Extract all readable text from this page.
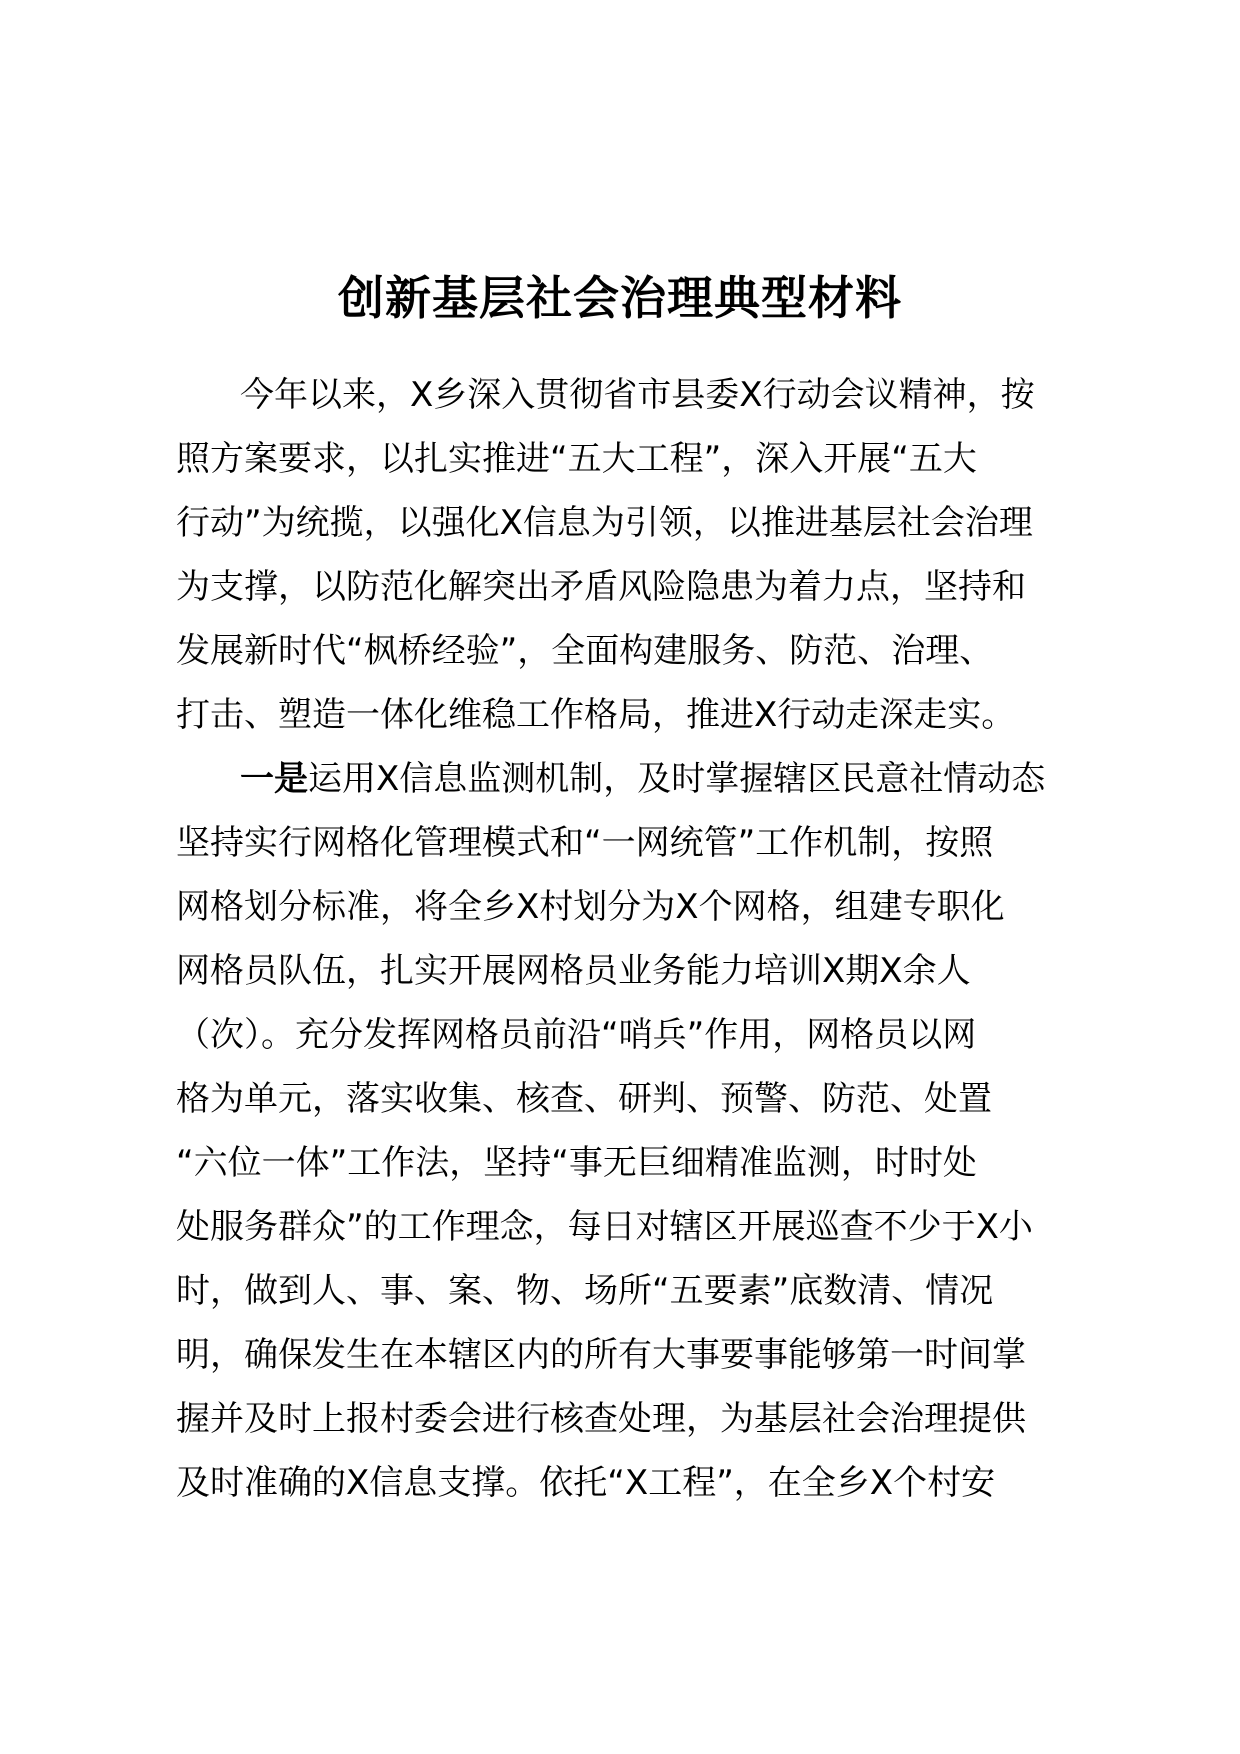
创新基层社会治理典型材料

今年以来，X乡深入贯彻省市县委X行动会议精神，按

照方案要求，以扎实推进“五大工程”，深入开展“五大

行动”为统揽，以强化X信息为引领，以推进基层社会治理

为支撑，以防范化解突出矛盾风险隐患为着力点，坚持和

发展新时代“枫桥经验”，全面构建服务、防范、治理、

打击、塑造一体化维稳工作格局，推进X行动走深走实。

一是运用X信息监测机制，及时掌握辖区民意社情动态

坚持实行网格化管理模式和“一网统管”工作机制，按照

网格划分标准，将全乡X村划分为X个网格，组建专职化

网格员队伍，扎实开展网格员业务能力培训X期X余人

（次）。充分发挥网格员前沿“哨兵”作用，网格员以网

格为单元，落实收集、核查、研判、预警、防范、处置

“六位一体”工作法，坚持“事无巨细精准监测，时时处

处服务群众”的工作理念，每日对辖区开展巡查不少于X小

时，做到人、事、案、物、场所“五要素”底数清、情况

明，确保发生在本辖区内的所有大事要事能够第一时间掌

握并及时上报村委会进行核查处理，为基层社会治理提供

及时准确的X信息支撑。依托“X工程”，在全乡X个村安
